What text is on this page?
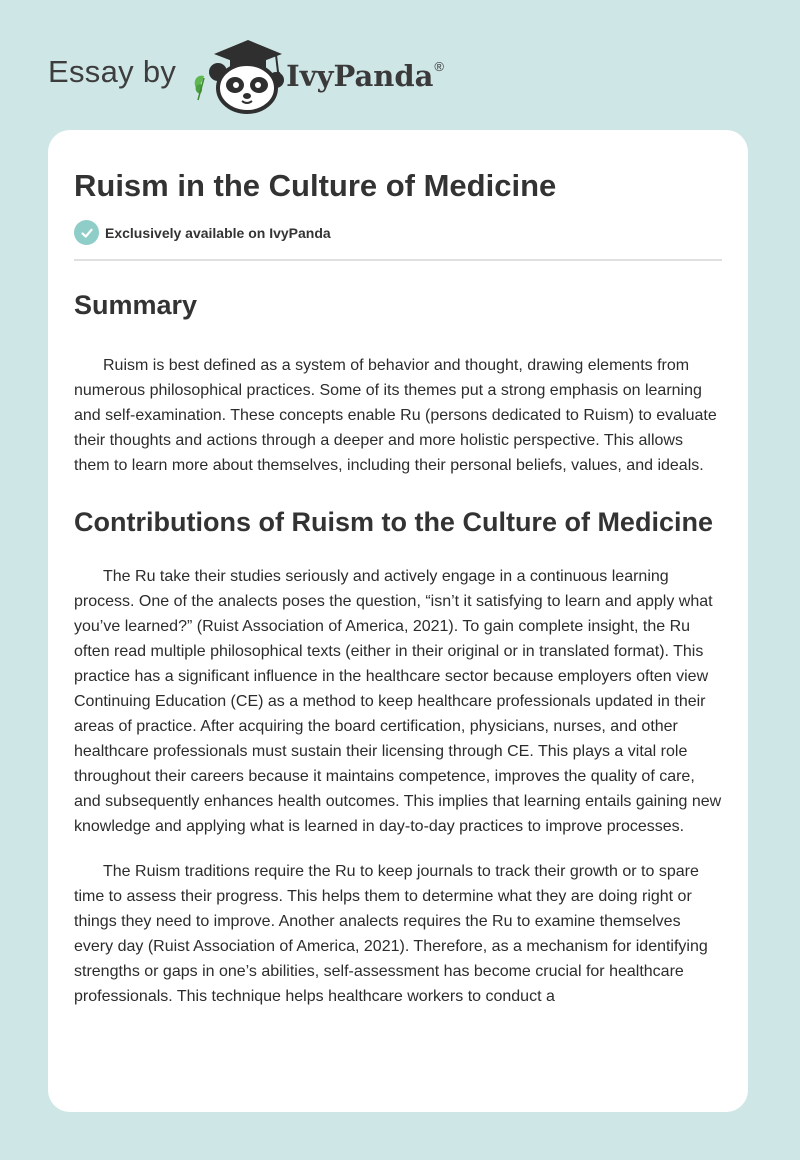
Essay by	IvyPanda ®
Ruism in the Culture of Medicine
Exclusively available on IvyPanda
Summary

Ruism is best defined as a system of behavior and thought, drawing elements from numerous philosophical practices. Some of its themes put a strong emphasis on learning and self-examination. These concepts enable Ru (persons dedicated to Ruism) to evaluate their thoughts and actions through a deeper and more holistic perspective. This allows them to learn more about themselves, including their personal beliefs, values, and ideals.

Contributions of Ruism to the Culture of Medicine

The Ru take their studies seriously and actively engage in a continuous learning process. One of the analects poses the question, “isn’t it satisfying to learn and apply what you’ve learned?” (Ruist Association of America, 2021). To gain complete insight, the Ru often read multiple philosophical texts (either in their original or in translated format). This practice has a significant influence in the healthcare sector because employers often view Continuing Education (CE) as a method to keep healthcare professionals updated in their areas of practice. After acquiring the board certification, physicians, nurses, and other healthcare professionals must sustain their licensing through CE. This plays a vital role throughout their careers because it maintains competence, improves the quality of care, and subsequently enhances health outcomes. This implies that learning entails gaining new knowledge and applying what is learned in day-to-day practices to improve processes.

The Ruism traditions require the Ru to keep journals to track their growth or to spare time to assess their progress. This helps them to determine what they are doing right or things they need to improve. Another analects requires the Ru to examine themselves every day (Ruist Association of America, 2021). Therefore, as a mechanism for identifying strengths or gaps in one’s abilities, self-assessment has become crucial for healthcare professionals. This technique helps healthcare workers to conduct a
